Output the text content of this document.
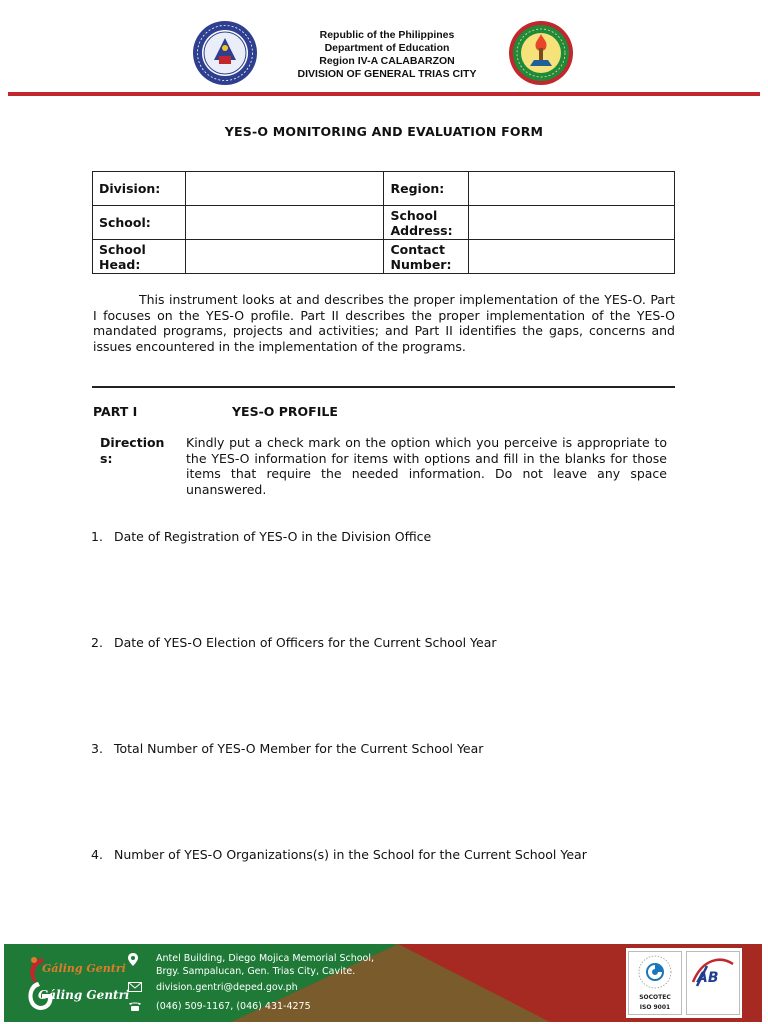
Republic of the Philippines
Department of Education
Region IV-A CALABARZON
DIVISION OF GENERAL TRIAS CITY
YES-O MONITORING AND EVALUATION FORM
Division:		Region:	
School:		School Address:	
School Head:		Contact Number:	

This instrument looks at and describes the proper implementation of the YES-O. Part I focuses on the YES-O profile. Part II describes the proper implementation of the YES-O mandated programs, projects and activities; and Part II identifies the gaps, concerns and issues encountered in the implementation of the programs.

PART I	YES-O PROFILE
Directions:
Kindly put a check mark on the option which you perceive is appropriate to the YES-O information for items with options and fill in the blanks for those items that require the needed information. Do not leave any space unanswered.
1. Date of Registration of YES-O in the Division Office
2. Date of YES-O Election of Officers for the Current School Year
3. Total Number of YES-O Member for the Current School Year
4. Number of YES-O Organizations(s) in the School for the Current School Year
Gáling Gentri
Gáling Gentri
Antel Building, Diego Mojica Memorial School,
Brgy. Sampalucan, Gen. Trias City, Cavite.
division.gentri@deped.gov.ph
(046) 509-1167, (046) 431-4275
SOCOTEC
ISO 9001
AB
